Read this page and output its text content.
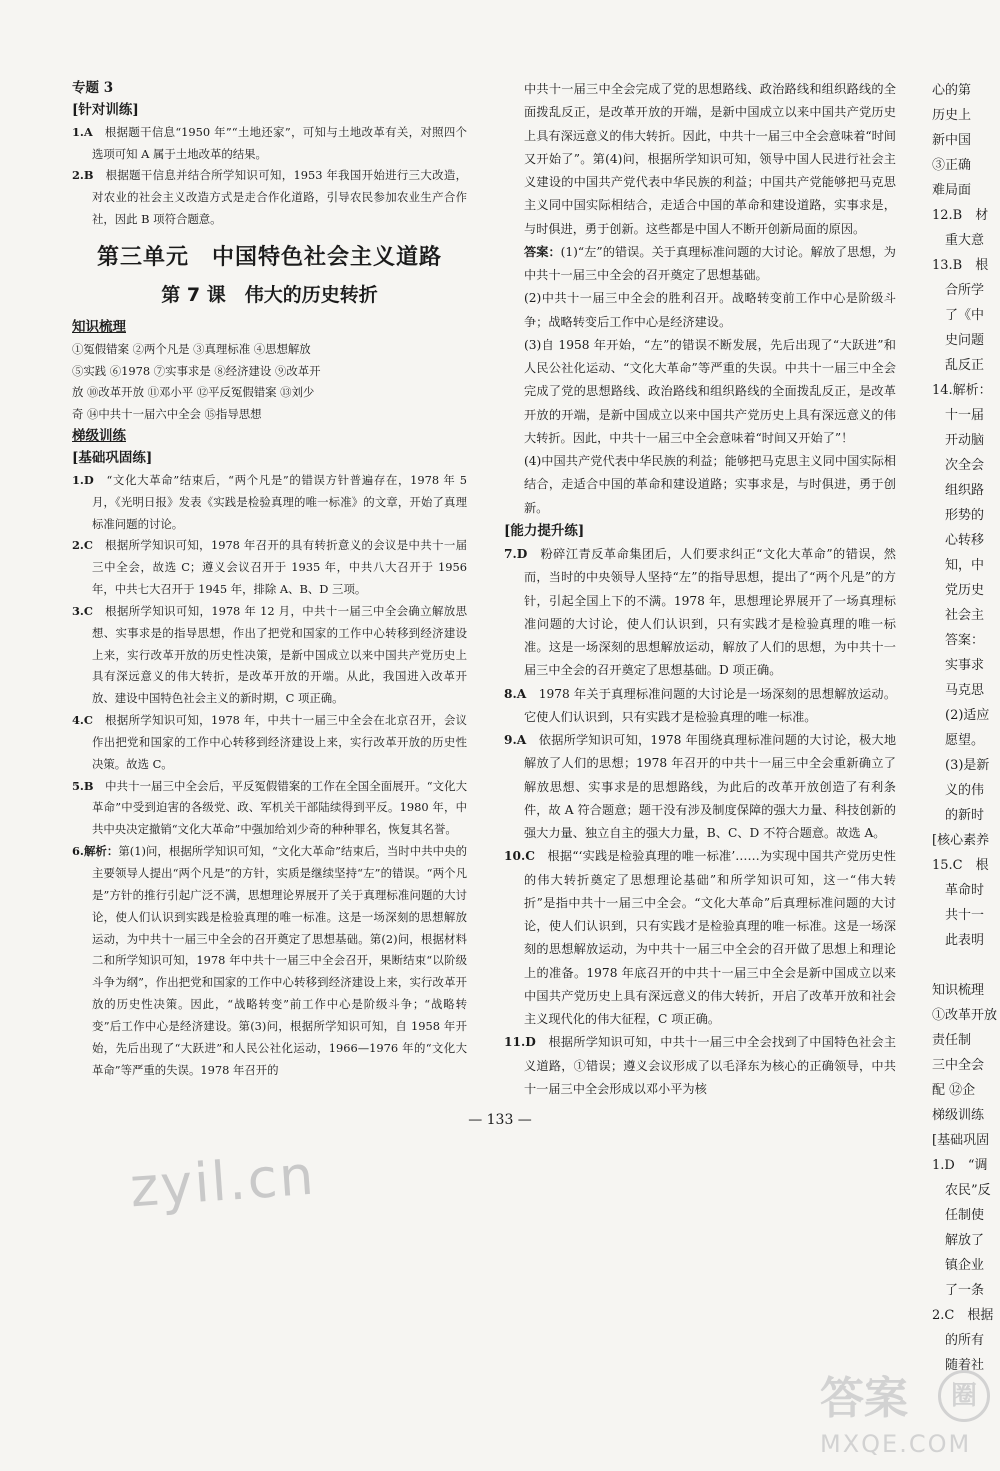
专题 3
[针对训练]

1.A　 根据题干信息“1950 年”“土地还家”，可知与土地改革有关，对照四个选项可知 A 属于土地改革的结果。

2.B　 根据题干信息并结合所学知识可知，1953 年我国开始进行三大改造，对农业的社会主义改造方式是走合作化道路，引导农民参加农业生产合作社，因此 B 项符合题意。

第三单元　中国特色社会主义道路
第 7 课　伟大的历史转折
知识梳理
①冤假错案 ②两个凡是 ③真理标准 ④思想解放
⑤实践 ⑥1978 ⑦实事求是 ⑧经济建设 ⑨改革开
放 ⑩改革开放 ⑪邓小平 ⑫平反冤假错案 ⑬刘少
奇 ⑭中共十一届六中全会 ⑮指导思想
梯级训练
[基础巩固练]

1.D　 “文化大革命”结束后，“两个凡是”的错误方针普遍存在，1978 年 5 月，《光明日报》发表《实践是检验真理的唯一标准》的文章，开始了真理标准问题的讨论。

2.C　 根据所学知识可知，1978 年召开的具有转折意义的会议是中共十一届三中全会，故选 C；遵义会议召开于 1935 年，中共八大召开于 1956 年，中共七大召开于 1945 年，排除 A、B、D 三项。

3.C　 根据所学知识可知，1978 年 12 月，中共十一届三中全会确立解放思想、实事求是的指导思想，作出了把党和国家的工作中心转移到经济建设上来，实行改革开放的历史性决策，是新中国成立以来中国共产党历史上具有深远意义的伟大转折，是改革开放的开端。从此，我国进入改革开放、建设中国特色社会主义的新时期，C 项正确。

4.C　 根据所学知识可知，1978 年，中共十一届三中全会在北京召开，会议作出把党和国家的工作中心转移到经济建设上来，实行改革开放的历史性决策。故选 C。

5.B　 中共十一届三中全会后，平反冤假错案的工作在全国全面展开。“文化大革命”中受到迫害的各级党、政、军机关干部陆续得到平反。1980 年，中共中央决定撤销“文化大革命”中强加给刘少奇的种种罪名，恢复其名誉。

6.解析：第(1)问，根据所学知识可知，“文化大革命”结束后，当时中共中央的主要领导人提出“两个凡是”的方针，实质是继续坚持“左”的错误。“两个凡是”方针的推行引起广泛不满，思想理论界展开了关于真理标准问题的大讨论，使人们认识到实践是检验真理的唯一标准。这是一场深刻的思想解放运动，为中共十一届三中全会的召开奠定了思想基础。第(2)问，根据材料二和所学知识可知，1978 年中共十一届三中全会召开，果断结束“以阶级斗争为纲”，作出把党和国家的工作中心转移到经济建设上来，实行改革开放的历史性决策。因此，“战略转变”前工作中心是阶级斗争；“战略转变”后工作中心是经济建设。第(3)问，根据所学知识可知，自 1958 年开始，先后出现了“大跃进”和人民公社化运动，1966—1976 年的“文化大革命”等严重的失误。1978 年召开的

中共十一届三中全会完成了党的思想路线、政治路线和组织路线的全面拨乱反正，是改革开放的开端，是新中国成立以来中国共产党历史上具有深远意义的伟大转折。因此，中共十一届三中全会意味着“时间又开始了”。第(4)问，根据所学知识可知，领导中国人民进行社会主义建设的中国共产党代表中华民族的利益；中国共产党能够把马克思主义同中国实际相结合，走适合中国的革命和建设道路，实事求是，与时俱进，勇于创新。这些都是中国人不断开创新局面的原因。

答案：(1)“左”的错误。关于真理标准问题的大讨论。解放了思想，为中共十一届三中全会的召开奠定了思想基础。

(2)中共十一届三中全会的胜利召开。战略转变前工作中心是阶级斗争；战略转变后工作中心是经济建设。

(3)自 1958 年开始，“左”的错误不断发展，先后出现了“大跃进”和人民公社化运动、“文化大革命”等严重的失误。中共十一届三中全会完成了党的思想路线、政治路线和组织路线的全面拨乱反正，是改革开放的开端，是新中国成立以来中国共产党历史上具有深远意义的伟大转折。因此，中共十一届三中全会意味着“时间又开始了”！

(4)中国共产党代表中华民族的利益；能够把马克思主义同中国实际相结合，走适合中国的革命和建设道路；实事求是，与时俱进，勇于创新。

[能力提升练]

7.D　 粉碎江青反革命集团后，人们要求纠正“文化大革命”的错误，然而，当时的中央领导人坚持“左”的指导思想，提出了“两个凡是”的方针，引起全国上下的不满。1978 年，思想理论界展开了一场真理标准问题的大讨论，使人们认识到，只有实践才是检验真理的唯一标准。这是一场深刻的思想解放运动，解放了人们的思想，为中共十一届三中全会的召开奠定了思想基础。D 项正确。

8.A　 1978 年关于真理标准问题的大讨论是一场深刻的思想解放运动。它使人们认识到，只有实践才是检验真理的唯一标准。

9.A　 依据所学知识可知，1978 年围绕真理标准问题的大讨论，极大地解放了人们的思想；1978 年召开的中共十一届三中全会重新确立了解放思想、实事求是的思想路线，为此后的改革开放创造了有利条件，故 A 符合题意；题干没有涉及制度保障的强大力量、科技创新的强大力量、独立自主的强大力量，B、C、D 不符合题意。故选 A。

10.C　 根据“‘实践是检验真理的唯一标准’……为实现中国共产党历史性的伟大转折奠定了思想理论基础”和所学知识可知，这一“伟大转折”是指中共十一届三中全会。“文化大革命”后真理标准问题的大讨论，使人们认识到，只有实践才是检验真理的唯一标准。这是一场深刻的思想解放运动，为中共十一届三中全会的召开做了思想上和理论上的准备。1978 年底召开的中共十一届三中全会是新中国成立以来中国共产党历史上具有深远意义的伟大转折，开启了改革开放和社会主义现代化的伟大征程，C 项正确。

11.D　 根据所学知识可知，中共十一届三中全会找到了中国特色社会主义道路，①错误；遵义会议形成了以毛泽东为核心的正确领导，中共十一届三中全会形成以邓小平为核

心的第
历史上
新中国
③正确
难局面
12.B　材
　重大意
13.B　根
　合所学
　了《中
　史问题
　乱反正
14.解析：
　十一届
　开动脑
　次全会
　组织路
　形势的
　心转移
　知，中
　党历史
　社会主
　答案：
　实事求
　马克思
　(2)适应
　愿望。
　(3)是新
　义的伟
　的新时
[核心素养
15.C　根
　革命时
　共十一
　此表明

知识梳理
①改革开放
责任制
三中全会
配 ⑫企
梯级训练
[基础巩固
1.D　“调
　农民”反
　任制使
　解放了
　镇企业
　了一条
2.C　根据
　的所有
　随着社
— 133 —
zyil.cn
答案	圈
MXQE.COM
